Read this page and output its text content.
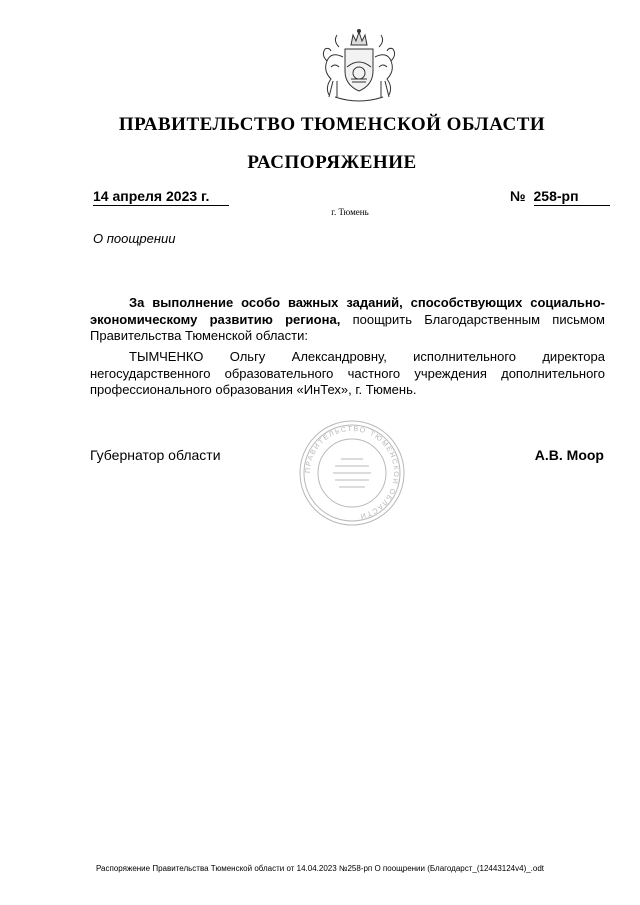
ПРАВИТЕЛЬСТВО ТЮМЕНСКОЙ ОБЛАСТИ
РАСПОРЯЖЕНИЕ
14 апреля 2023 г.	№ 258-рп
г. Тюмень
О поощрении

За выполнение особо важных заданий, способствующих социально-экономическому развитию региона, поощрить Благодарственным письмом Правительства Тюменской области:

ТЫМЧЕНКО Ольгу Александровну, исполнительного директора негосударственного образовательного частного учреждения дополнительного профессионального образования «ИнТех», г. Тюмень.

Губернатор области	А.В. Моор
ПРАВИТЕЛЬСТВО ТЮМЕНСКОЙ ОБЛАСТИ
Распоряжение Правительства Тюменской области от 14.04.2023 №258-рп О поощрении (Благодарст_(12443124v4)_.odt
